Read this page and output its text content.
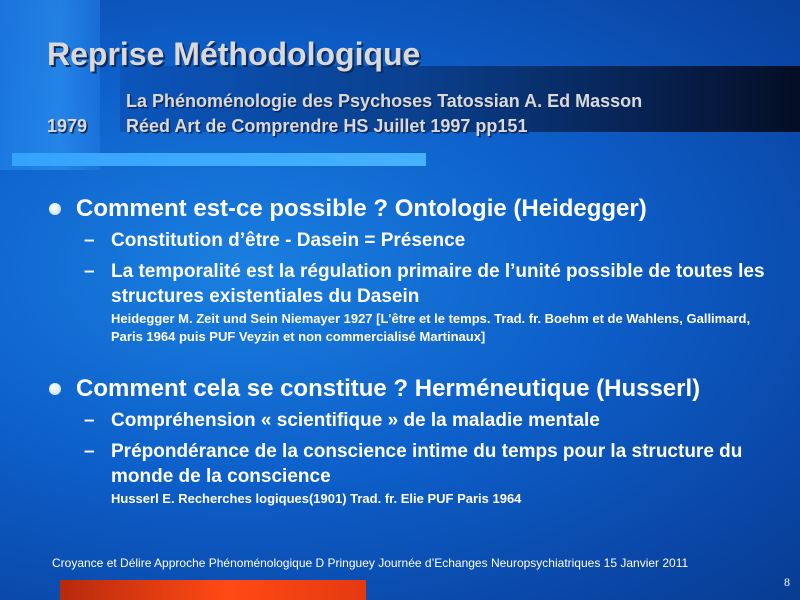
Reprise Méthodologique
La Phénoménologie des Psychoses Tatossian A. Ed Masson
1979 Réed Art de Comprendre HS Juillet 1997 pp151
Comment est-ce possible ? Ontologie (Heidegger)
– Constitution d’être - Dasein = Présence
– La temporalité est la régulation primaire de l’unité possible de toutes les structures existentiales du Dasein
Heidegger M. Zeit und Sein Niemayer 1927 [L'être et le temps. Trad. fr. Boehm et de Wahlens, Gallimard, Paris 1964 puis PUF Veyzin et non commercialisé Martinaux]
Comment cela se constitue ? Herméneutique (Husserl)
– Compréhension « scientifique » de la maladie mentale
– Prépondérance de la conscience intime du temps pour la structure du monde de la conscience
Husserl E. Recherches logiques(1901) Trad. fr. Elie PUF Paris 1964
Croyance et Délire Approche Phénoménologique D Pringuey Journée d’Echanges Neuropsychiatriques 15 Janvier 2011
8
